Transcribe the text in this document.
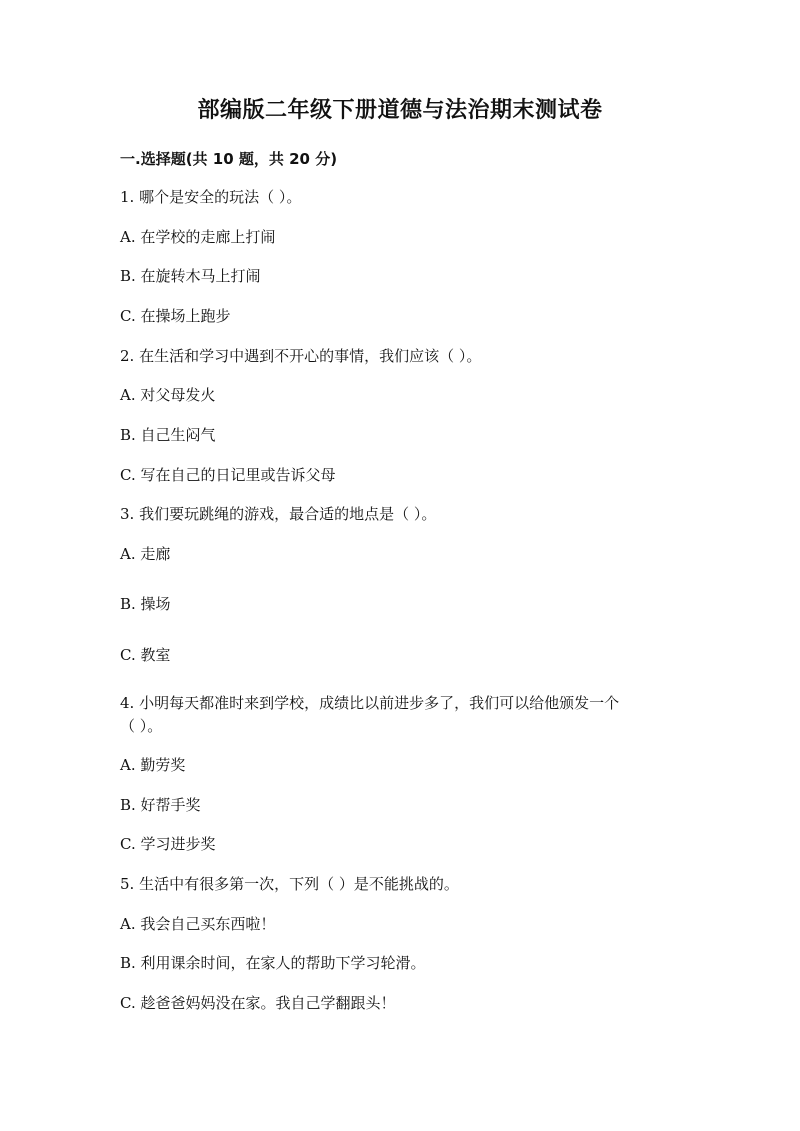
部编版二年级下册道德与法治期末测试卷
一.选择题(共 10 题，共 20 分)
1. 哪个是安全的玩法（ ）。
A. 在学校的走廊上打闹
B. 在旋转木马上打闹
C. 在操场上跑步
2. 在生活和学习中遇到不开心的事情，我们应该（ ）。
A. 对父母发火
B. 自己生闷气
C. 写在自己的日记里或告诉父母
3. 我们要玩跳绳的游戏，最合适的地点是（ ）。
A. 走廊
B. 操场
C. 教室
4. 小明每天都准时来到学校，成绩比以前进步多了，我们可以给他颁发一个
（ ）。
A. 勤劳奖
B. 好帮手奖
C. 学习进步奖
5. 生活中有很多第一次，下列（ ）是不能挑战的。
A. 我会自己买东西啦！
B. 利用课余时间，在家人的帮助下学习轮滑。
C. 趁爸爸妈妈没在家。我自己学翻跟头！
